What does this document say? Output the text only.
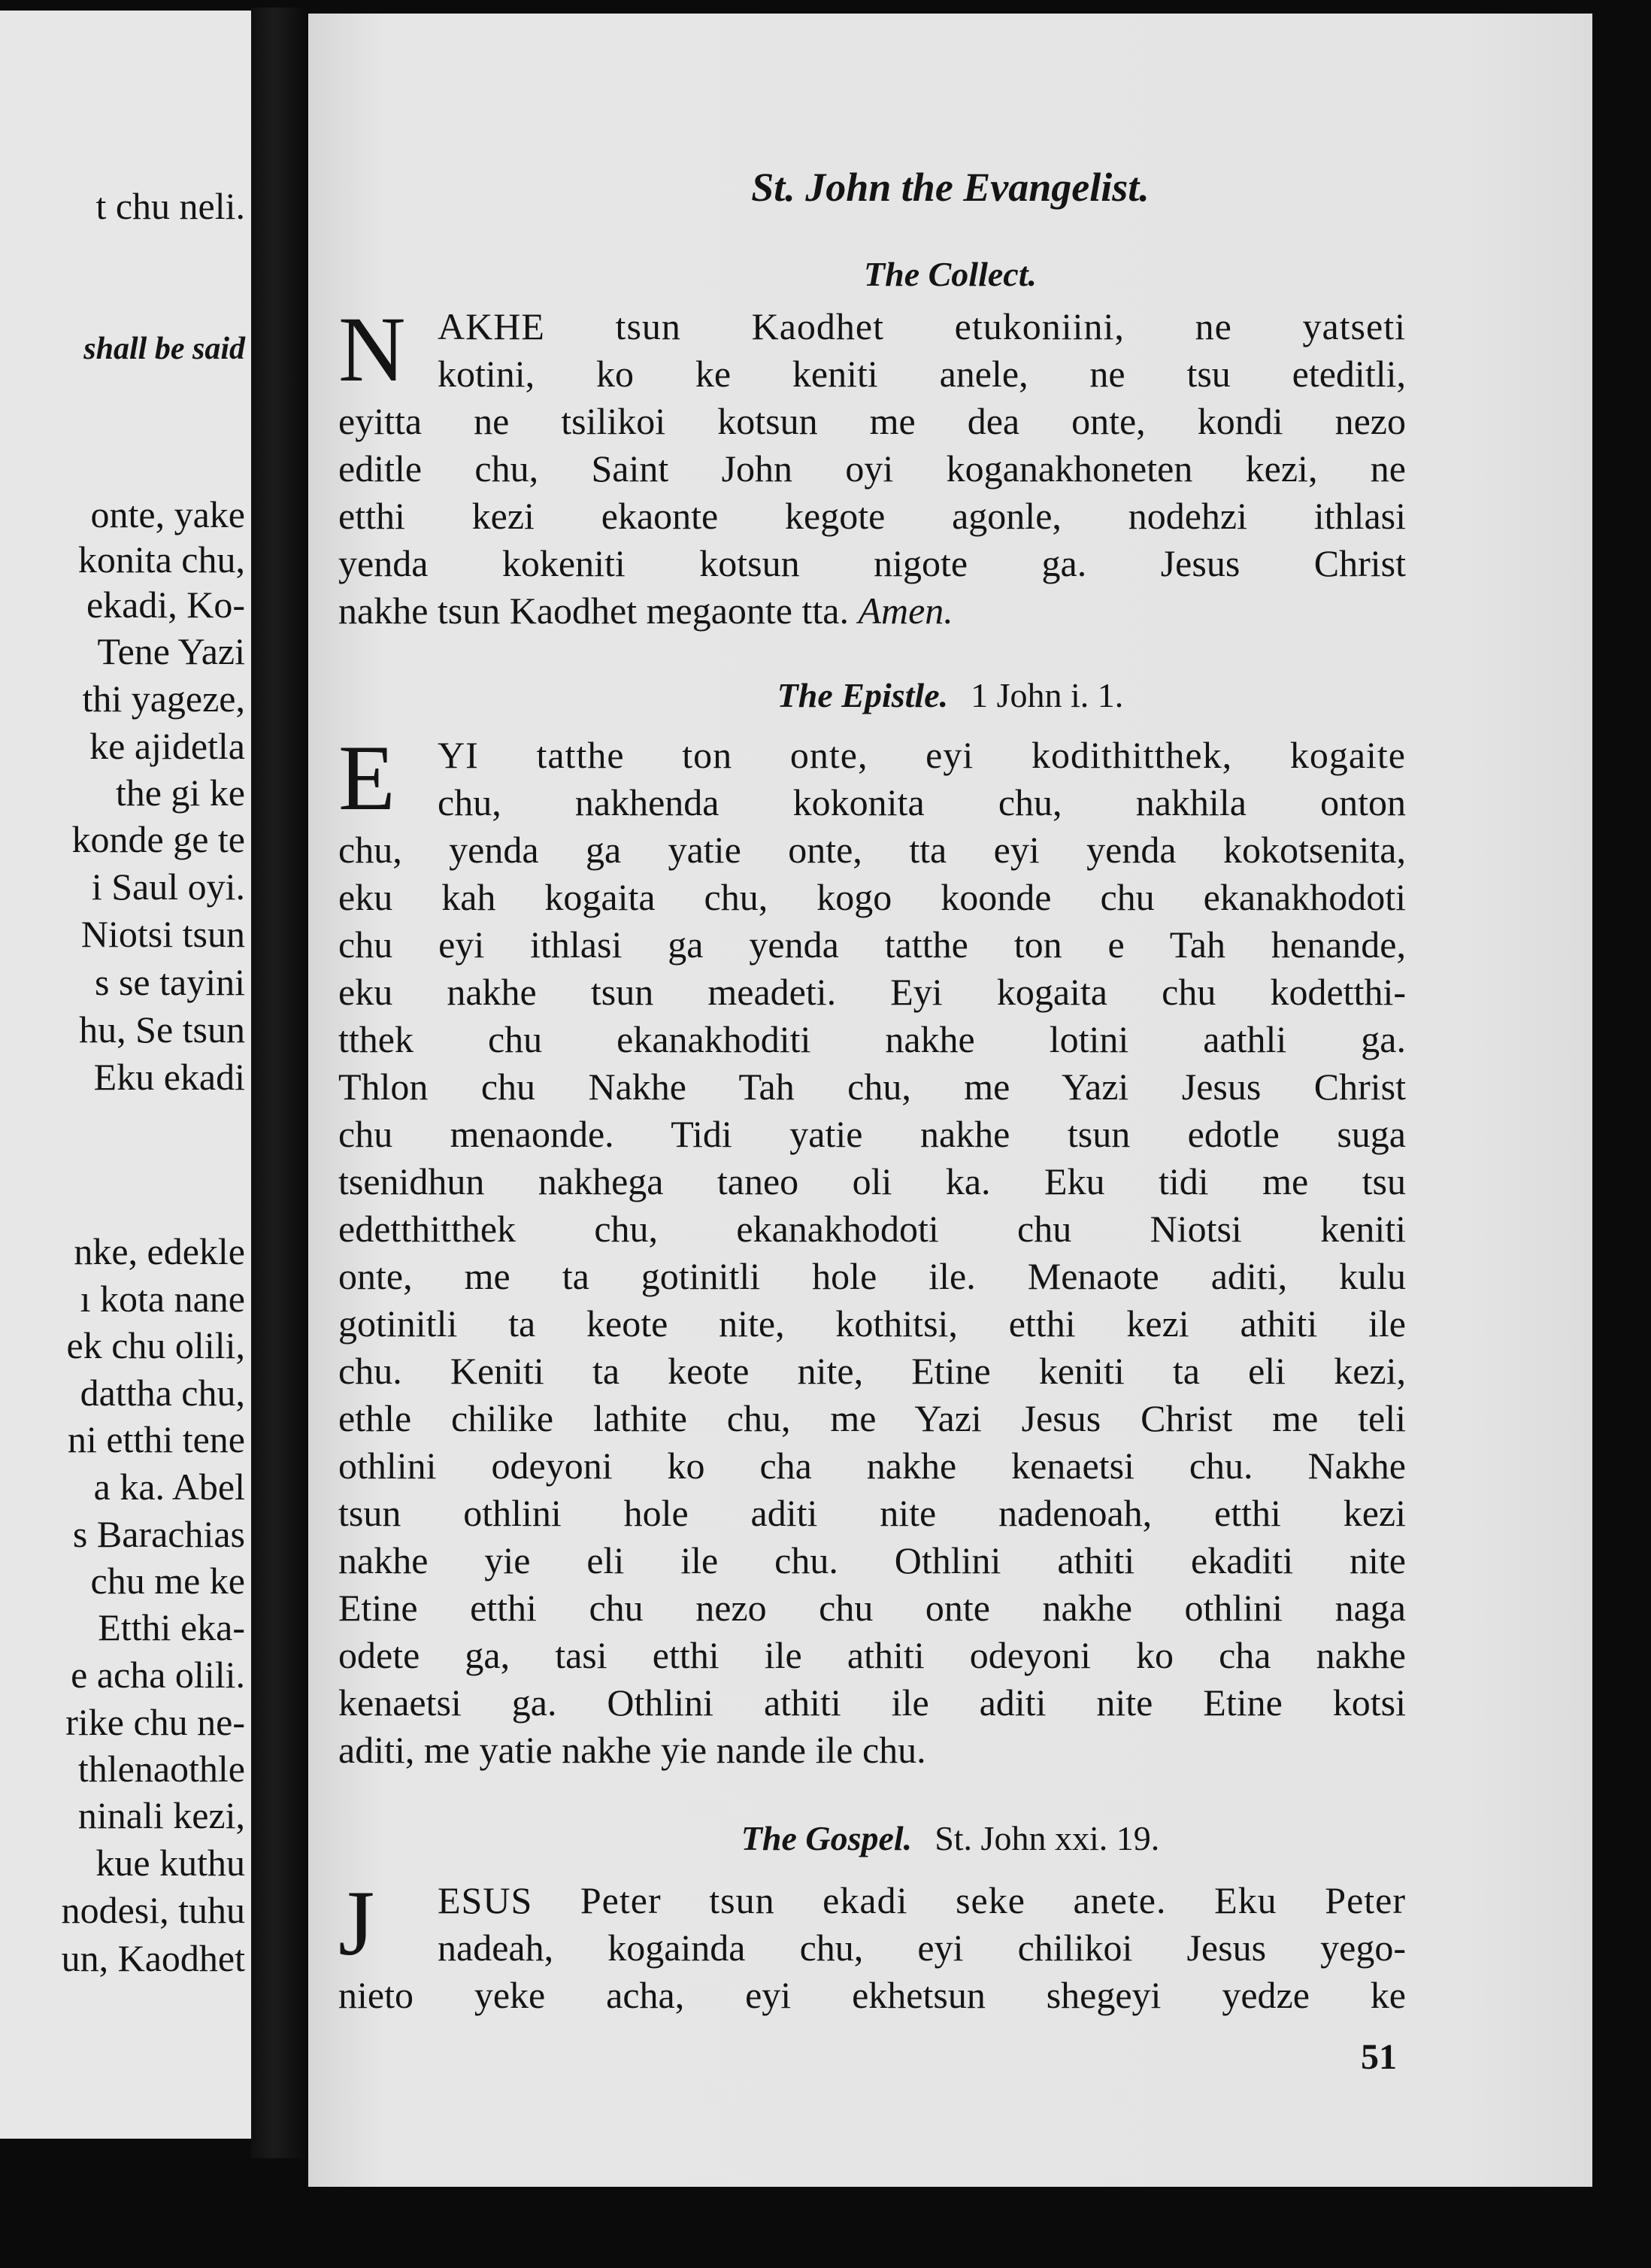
t chu neli.
shall be said
onte, yake
konita chu,
ekadi, Ko-
Tene Yazi
thi yageze,
ke ajidetla
the gi ke
konde ge te
i Saul oyi.
Niotsi tsun
s se tayini
hu, Se tsun
Eku ekadi
nke, edekle
ı kota nane
ek chu olili,
dattha chu,
ni etthi tene
a ka. Abel
s Barachias
chu me ke
Etthi eka-
e acha olili.
rike chu ne-
thlenaothle
ninali kezi,
kue kuthu
nodesi, tuhu
un, Kaodhet
St. John the Evangelist.
The Collect.
N AKHE tsun Kaodhet etukoniini, ne yatseti
kotini, ko ke keniti anele, ne tsu eteditli,
eyitta ne tsilikoi kotsun me dea onte, kondi nezo
editle chu, Saint John oyi koganakhoneten kezi, ne
etthi kezi ekaonte kegote agonle, nodehzi ithlasi
yenda kokeniti kotsun nigote ga. Jesus Christ
nakhe tsun Kaodhet megaonte tta. Amen.
The Epistle. 1 John i. 1.
E	YI tatthe ton onte, eyi kodithitthek, kogaite
chu, nakhenda kokonita chu, nakhila onton
chu, yenda ga yatie onte, tta eyi yenda kokotsenita,
eku kah kogaita chu, kogo koonde chu ekanakhodoti
chu eyi ithlasi ga yenda tatthe ton e Tah henande,
eku nakhe tsun meadeti. Eyi kogaita chu kodetthi-
tthek chu ekanakhoditi nakhe lotini aathli ga.
Thlon chu Nakhe Tah chu, me Yazi Jesus Christ
chu menaonde. Tidi yatie nakhe tsun edotle suga
tsenidhun nakhega taneo oli ka. Eku tidi me tsu
edetthitthek chu, ekanakhodoti chu Niotsi keniti
onte, me ta gotinitli hole ile. Menaote aditi, kulu
gotinitli ta keote nite, kothitsi, etthi kezi athiti ile
chu. Keniti ta keote nite, Etine keniti ta eli kezi,
ethle chilike lathite chu, me Yazi Jesus Christ me teli
othlini odeyoni ko cha nakhe kenaetsi chu. Nakhe
tsun othlini hole aditi nite nadenoah, etthi kezi
nakhe yie eli ile chu. Othlini athiti ekaditi nite
Etine etthi chu nezo chu onte nakhe othlini naga
odete ga, tasi etthi ile athiti odeyoni ko cha nakhe
kenaetsi ga. Othlini athiti ile aditi nite Etine kotsi
aditi, me yatie nakhe yie nande ile chu.
The Gospel. St. John xxi. 19.
J	ESUS Peter tsun ekadi seke anete. Eku Peter
nadeah, kogainda chu, eyi chilikoi Jesus yego-
nieto yeke acha, eyi ekhetsun shegeyi yedze ke
51
